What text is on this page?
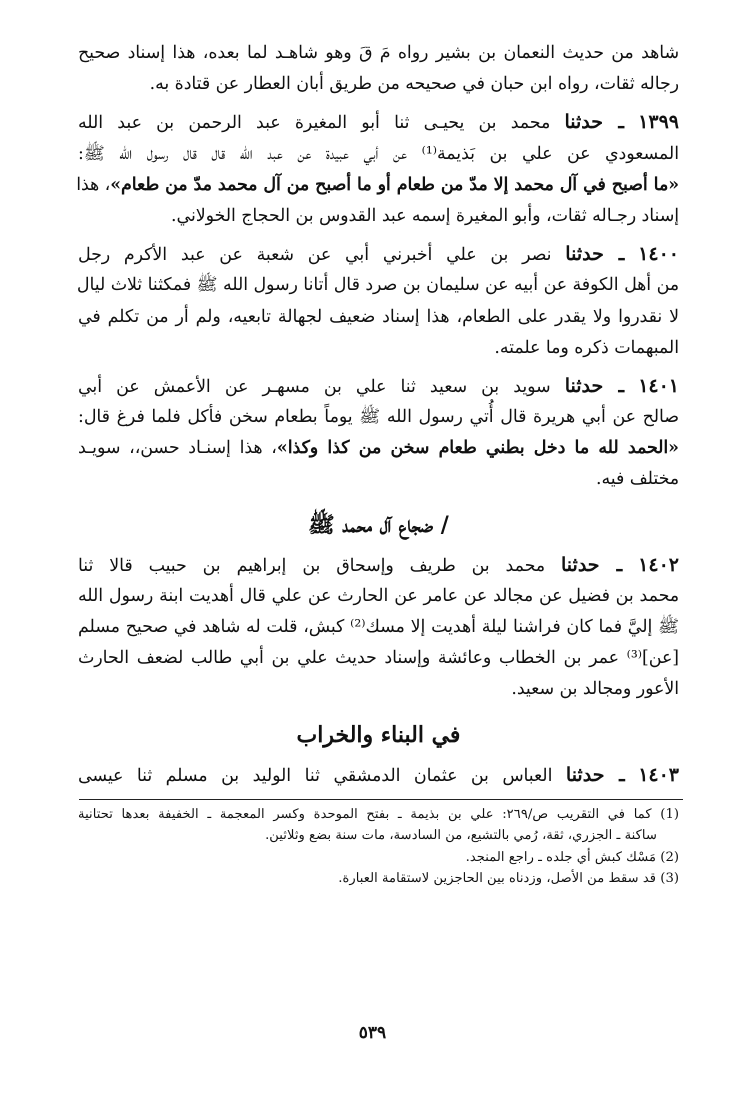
شاهد من حديث النعمان بن بشير رواه مَ قَ وهو شاهـد لما بعده، هذا إسناد صحيح
رجاله ثقات، رواه ابن حبان في صحيحه من طريق أبان العطار عن قتادة به.
١٣٩٩ ـ حدثنا محمد بن يحيـى ثنا أبو المغيرة عبد الرحمن بن عبد الله
المسعودي عن علي بن بَذيمة⁽¹⁾ عن أبي عبيدة عن عبد الله قال قال رسول الله ﷺ:
«ما أصبح في آل محمد إلا مدّ من طعام أو ما أصبح من آل محمد مدّ من طعام»، هذا
إسناد رجـاله ثقات، وأبو المغيرة إسمه عبد القدوس بن الحجاج الخولاني.
١٤٠٠ ـ حدثنا نصر بن علي أخبرني أبي عن شعبة عن عبد الأكرم رجل
من أهل الكوفة عن أبيه عن سليمان بن صرد قال أتانا رسول الله ﷺ فمكثنا ثلاث ليال
لا نقدروا ولا يقدر على الطعام، هذا إسناد ضعيف لجهالة تابعيه، ولم أر من تكلم في
المبهمات ذكره وما علمته.
١٤٠١ ـ حدثنا سويد بن سعيد ثنا علي بن مسهـر عن الأعمش عن أبي
صالح عن أبي هريرة قال أُتي رسول الله ﷺ يوماً بطعام سخن فأكل فلما فرغ قال:
«الحمد لله ما دخل بطني طعام سخن من كذا وكذا»، هذا إسنـاد حسن،، سويـد
مختلف فيه.
/ ضجاع آل محمد ﷺ
١٤٠٢ ـ حدثنا محمد بن طريف وإسحاق بن إبراهيم بن حبيب قالا ثنا
محمد بن فضيل عن مجالد عن عامر عن الحارث عن علي قال أهديت ابنة رسول الله
ﷺ إليَّ فما كان فراشنا ليلة أهديت إلا مسك⁽²⁾ كبش، قلت له شاهد في صحيح مسلم
[عن]⁽³⁾ عمر بن الخطاب وعائشة وإسناد حديث علي بن أبي طالب لضعف الحارث
الأعور ومجالد بن سعيد.
في البناء والخراب
١٤٠٣ ـ حدثنا العباس بن عثمان الدمشقي ثنا الوليد بن مسلم ثنا عيسى
(1) كما في التقريب ص/٢٦٩: علي بن بذيمة ـ بفتح الموحدة وكسر المعجمة ـ الخفيفة بعدها تحتانية
ساكنة ـ الجزري، ثقة، رُمي بالتشيع، من السادسة، مات سنة بضع وثلاثين.
(2) مَسْك كبش أي جلده ـ راجع المنجد.
(3) قد سقط من الأصل، وزدناه بين الحاجزين لاستقامة العبارة.
٥٣٩
